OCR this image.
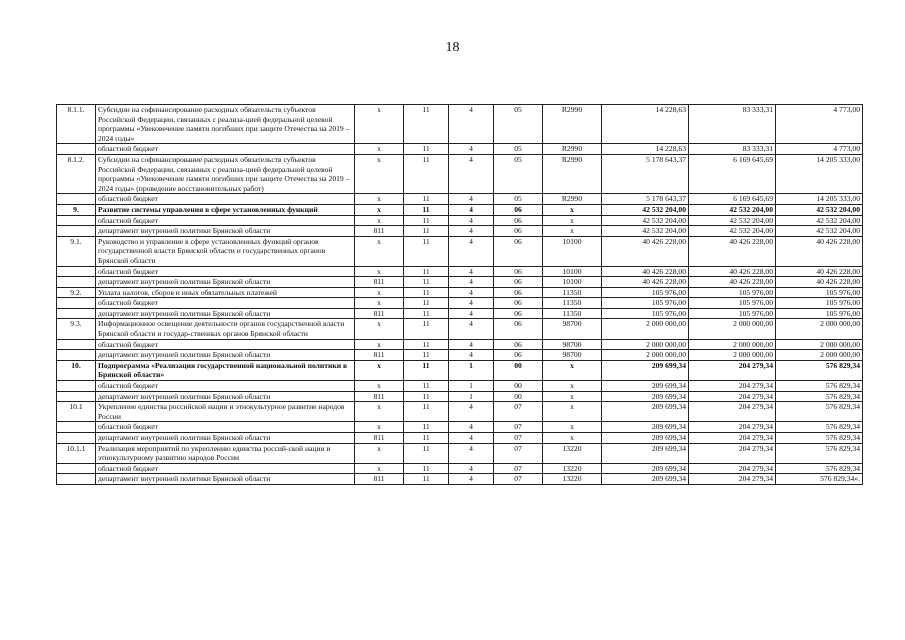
18
8.1.1.	Субсидии на софинансирование расходных обязательств субъектов Российской Федерации, связанных с реализа-цией федеральной целевой программы «Увековечение памяти погибших при защите Отечества на 2019 – 2024 годы»	x	11	4	05	R2990	14 228,63	83 333,31	4 773,00
	областной бюджет	x	11	4	05	R2990	14 228,63	83 333,31	4 773,00
8.1.2.	Субсидии на софинансирование расходных обязательств субъектов Российской Федерации, связанных с реализа-цией федеральной целевой программы «Увековечение памяти погибших при защите Отечества на 2019 – 2024 годы» (проведение восстановительных работ)	x	11	4	05	R2990	5 178 643,37	6 169 645,69	14 205 333,00
	областной бюджет	x	11	4	05	R2990	5 178 643,37	6 169 645,69	14 205 333,00
9.	Развитие системы управления в сфере установленных функций	x	11	4	06	x	42 532 204,00	42 532 204,00	42 532 204,00
	областной бюджет	x	11	4	06	x	42 532 204,00	42 532 204,00	42 532 204,00
	департамент внутренней политики Брянской области	811	11	4	06	x	42 532 204,00	42 532 204,00	42 532 204,00
9.1.	Руководство и управление в сфере установленных функций органов государственной власти Брянской области и государственных органов Брянской области	x	11	4	06	10100	40 426 228,00	40 426 228,00	40 426 228,00
	областной бюджет	x	11	4	06	10100	40 426 228,00	40 426 228,00	40 426 228,00
	департамент внутренней политики Брянской области	811	11	4	06	10100	40 426 228,00	40 426 228,00	40 426 228,00
9.2.	Уплата налогов, сборов и иных обязательных платежей	x	11	4	06	11350	105 976,00	105 976,00	105 976,00
	областной бюджет	x	11	4	06	11350	105 976,00	105 976,00	105 976,00
	департамент внутренней политики Брянской области	811	11	4	06	11350	105 976,00	105 976,00	105 976,00
9.3.	Информационное освещение деятельности органов государственной власти Брянской области и государ-ственных органов Брянской области	x	11	4	06	98700	2 000 000,00	2 000 000,00	2 000 000,00
	областной бюджет	x	11	4	06	98700	2 000 000,00	2 000 000,00	2 000 000,00
	департамент внутренней политики Брянской области	811	11	4	06	98700	2 000 000,00	2 000 000,00	2 000 000,00
10.	Подпрограмма «Реализация государственной национальной политики в Брянской области»	x	11	1	00	x	209 699,34	204 279,34	576 829,34
	областной бюджет	x	11	1	00	x	209 699,34	204 279,34	576 829,34
	департамент внутренней политики Брянской области	811	11	1	00	x	209 699,34	204 279,34	576 829,34
10.1	Укрепление единства российской нации и этнокультурное развитие народов России	x	11	4	07	x	209 699,34	204 279,34	576 829,34
	областной бюджет	x	11	4	07	x	209 699,34	204 279,34	576 829,34
	департамент внутренней политики Брянской области	811	11	4	07	x	209 699,34	204 279,34	576 829,34
10.1.1	Реализация мероприятий по укреплению единства россий-ской нации и этнокультурному развитию народов России	x	11	4	07	13220	209 699,34	204 279,34	576 829,34
	областной бюджет	x	11	4	07	13220	209 699,34	204 279,34	576 829,34
	департамент внутренней политики Брянской области	811	11	4	07	13220	209 699,34	204 279,34	576 829,34».
